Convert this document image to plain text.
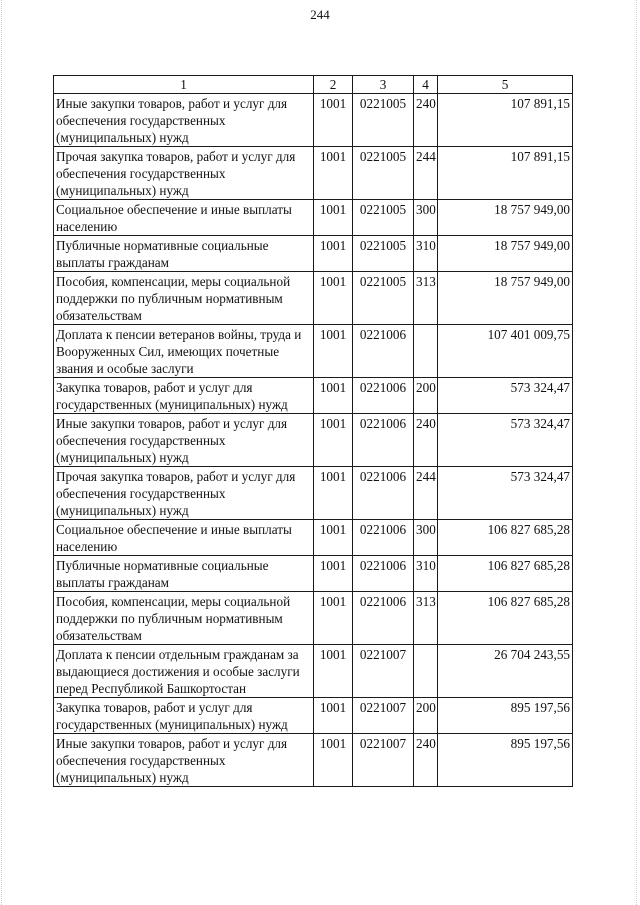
244
1	2	3	4	5
Иные закупки товаров, работ и услуг для обеспечения государственных (муниципальных) нужд	1001	0221005	240	107 891,15
Прочая закупка товаров, работ и услуг для обеспечения государственных (муниципальных) нужд	1001	0221005	244	107 891,15
Социальное обеспечение и иные выплаты населению	1001	0221005	300	18 757 949,00
Публичные нормативные социальные выплаты гражданам	1001	0221005	310	18 757 949,00
Пособия, компенсации, меры социальной поддержки по публичным нормативным обязательствам	1001	0221005	313	18 757 949,00
Доплата к пенсии ветеранов войны, труда и Вооруженных Сил, имеющих почетные звания и особые заслуги	1001	0221006		107 401 009,75
Закупка товаров, работ и услуг для государственных (муниципальных) нужд	1001	0221006	200	573 324,47
Иные закупки товаров, работ и услуг для обеспечения государственных (муниципальных) нужд	1001	0221006	240	573 324,47
Прочая закупка товаров, работ и услуг для обеспечения государственных (муниципальных) нужд	1001	0221006	244	573 324,47
Социальное обеспечение и иные выплаты населению	1001	0221006	300	106 827 685,28
Публичные нормативные социальные выплаты гражданам	1001	0221006	310	106 827 685,28
Пособия, компенсации, меры социальной поддержки по публичным нормативным обязательствам	1001	0221006	313	106 827 685,28
Доплата к пенсии отдельным гражданам за выдающиеся достижения и особые заслуги перед Республикой Башкортостан	1001	0221007		26 704 243,55
Закупка товаров, работ и услуг для государственных (муниципальных) нужд	1001	0221007	200	895 197,56
Иные закупки товаров, работ и услуг для обеспечения государственных (муниципальных) нужд	1001	0221007	240	895 197,56
